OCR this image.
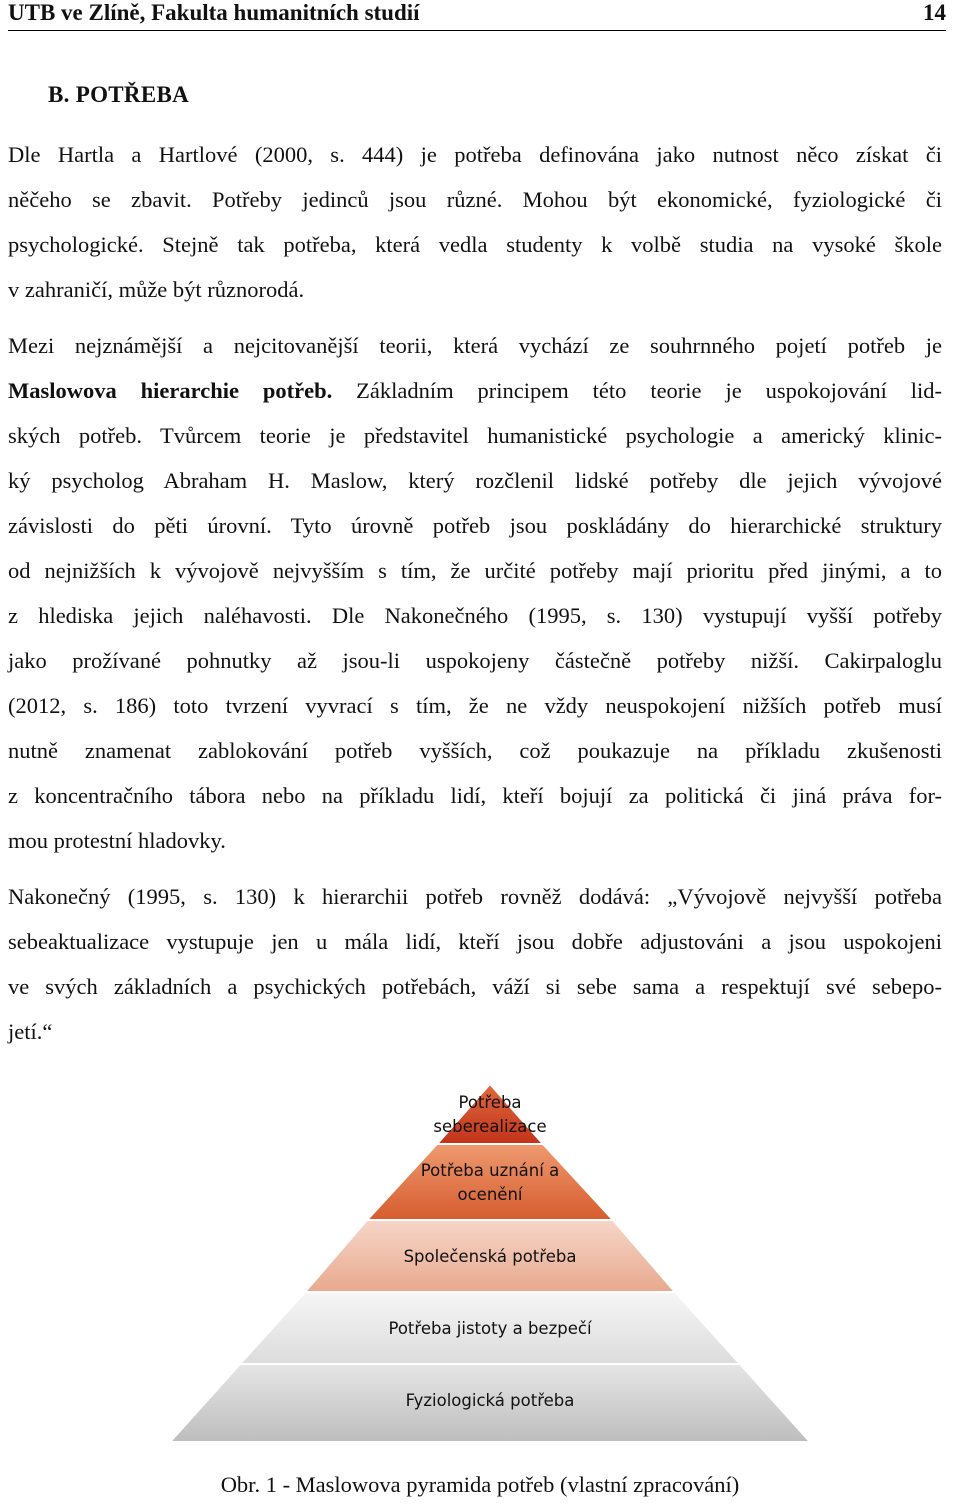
UTB ve Zlíně, Fakulta humanitních studií	14
B. POTŘEBA
Dle Hartla a Hartlové (2000, s. 444) je potřeba definována jako nutnost něco získat či
něčeho se zbavit. Potřeby jedinců jsou různé. Mohou být ekonomické, fyziologické či
psychologické. Stejně tak potřeba, která vedla studenty k volbě studia na vysoké škole
v zahraničí, může být různorodá.
Mezi nejznámější a nejcitovanější teorii, která vychází ze souhrnného pojetí potřeb je
Maslowova hierarchie potřeb. Základním principem této teorie je uspokojování lid-
ských potřeb. Tvůrcem teorie je představitel humanistické psychologie a americký klinic-
ký psycholog Abraham H. Maslow, který rozčlenil lidské potřeby dle jejich vývojové
závislosti do pěti úrovní. Tyto úrovně potřeb jsou poskládány do hierarchické struktury
od nejnižších k vývojově nejvyšším s tím, že určité potřeby mají prioritu před jinými, a to
z hlediska jejich naléhavosti. Dle Nakonečného (1995, s. 130) vystupují vyšší potřeby
jako prožívané pohnutky až jsou-li uspokojeny částečně potřeby nižší. Cakirpaloglu
(2012, s. 186) toto tvrzení vyvrací s tím, že ne vždy neuspokojení nižších potřeb musí
nutně znamenat zablokování potřeb vyšších, což poukazuje na příkladu zkušenosti
z koncentračního tábora nebo na příkladu lidí, kteří bojují za politická či jiná práva for-
mou protestní hladovky.
Nakonečný (1995, s. 130) k hierarchii potřeb rovněž dodává: „Vývojově nejvyšší potřeba
sebeaktualizace vystupuje jen u mála lidí, kteří jsou dobře adjustováni a jsou uspokojeni
ve svých základních a psychických potřebách, váží si sebe sama a respektují své sebepo-
jetí.“
Potřeba
seberealizace
Potřeba uznání a
ocenění
Společenská potřeba
Potřeba jistoty a bezpečí
Fyziologická potřeba
Obr. 1 - Maslowova pyramida potřeb (vlastní zpracování)
